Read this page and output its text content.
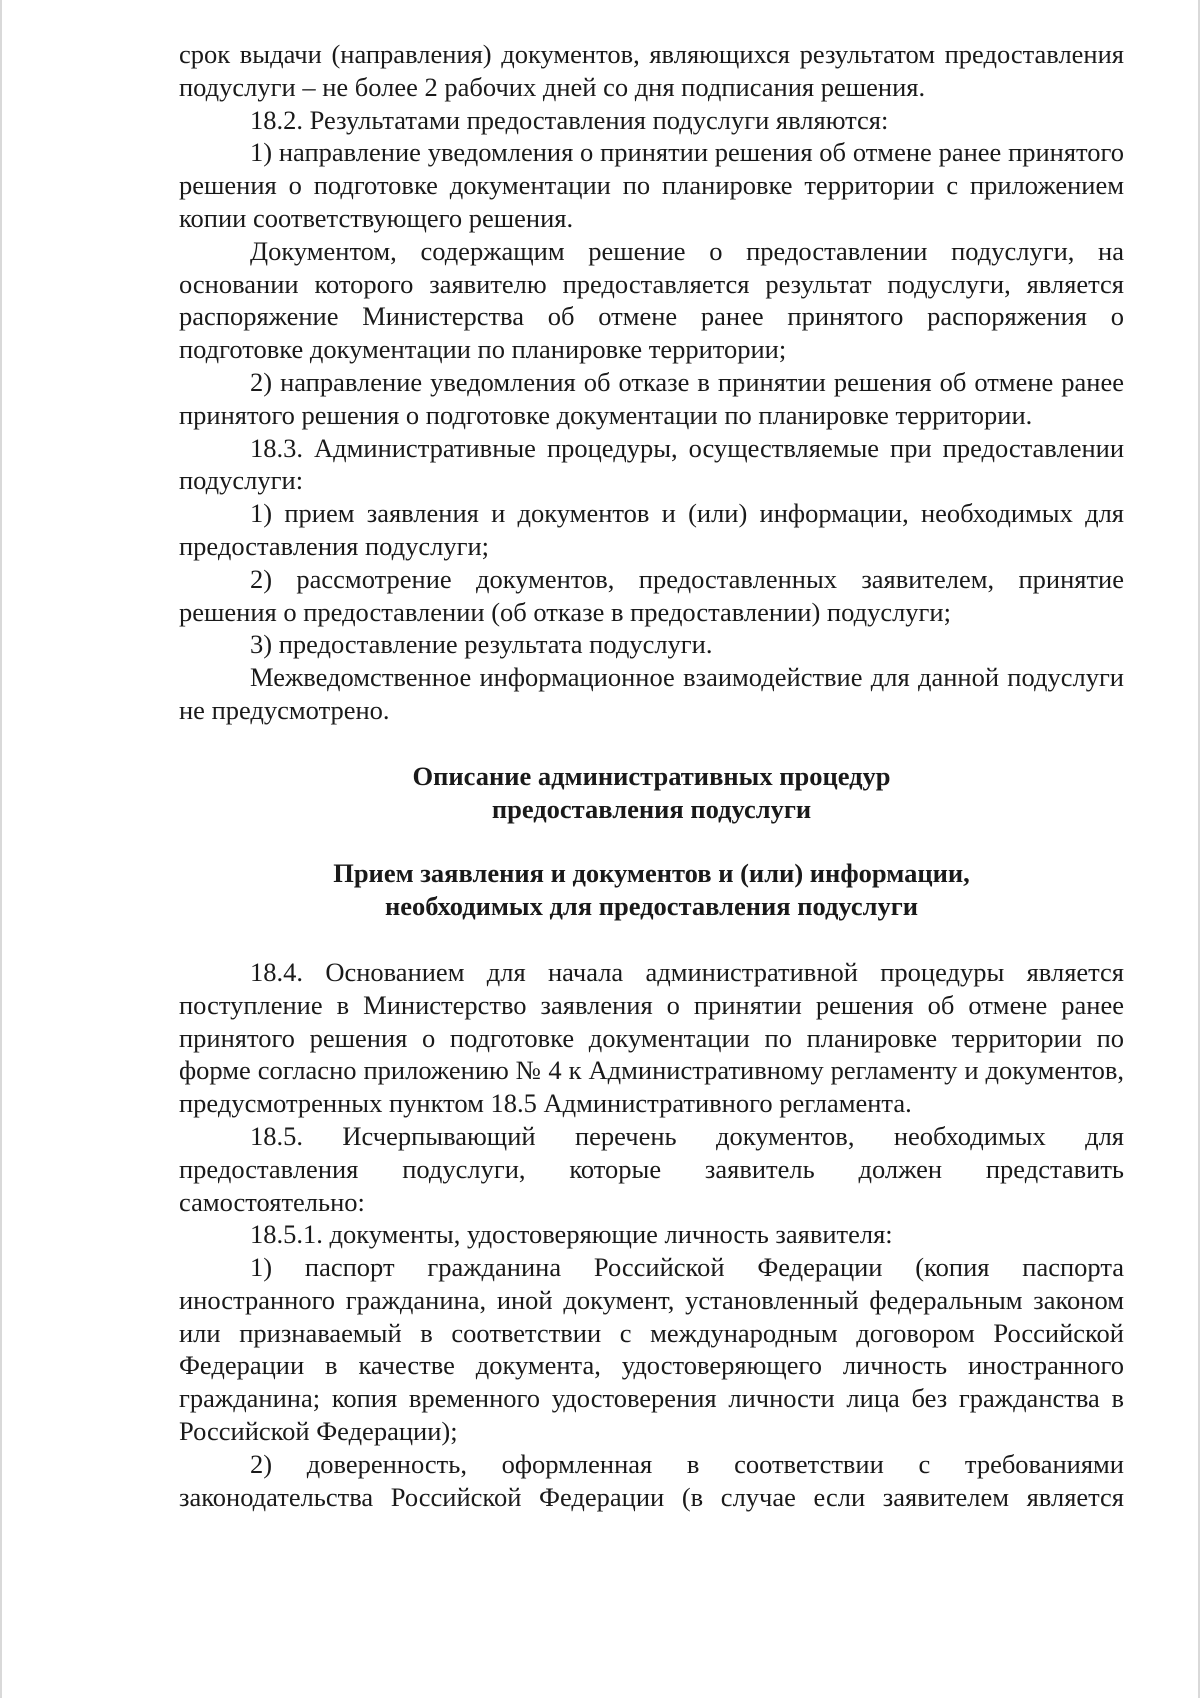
срок выдачи (направления) документов, являющихся результатом предоставления подуслуги – не более 2 рабочих дней со дня подписания решения.

18.2. Результатами предоставления подуслуги являются:

1) направление уведомления о принятии решения об отмене ранее принятого решения о подготовке документации по планировке территории с приложением копии соответствующего решения.

Документом, содержащим решение о предоставлении подуслуги, на основании которого заявителю предоставляется результат подуслуги, является распоряжение Министерства об отмене ранее принятого распоряжения о подготовке документации по планировке территории;

2) направление уведомления об отказе в принятии решения об отмене ранее принятого решения о подготовке документации по планировке территории.

18.3. Административные процедуры, осуществляемые при предоставлении подуслуги:

1) прием заявления и документов и (или) информации, необходимых для предоставления подуслуги;

2) рассмотрение документов, предоставленных заявителем, принятие решения о предоставлении (об отказе в предоставлении) подуслуги;

3) предоставление результата подуслуги.

Межведомственное информационное взаимодействие для данной подуслуги не предусмотрено.

Описание административных процедур
предоставления подуслуги
Прием заявления и документов и (или) информации,
необходимых для предоставления подуслуги

18.4. Основанием для начала административной процедуры является поступление в Министерство заявления о принятии решения об отмене ранее принятого решения о подготовке документации по планировке территории по форме согласно приложению № 4 к Административному регламенту и документов, предусмотренных пунктом 18.5 Административного регламента.

18.5. Исчерпывающий перечень документов, необходимых для предоставления подуслуги, которые заявитель должен представить самостоятельно:

18.5.1. документы, удостоверяющие личность заявителя:

1) паспорт гражданина Российской Федерации (копия паспорта иностранного гражданина, иной документ, установленный федеральным законом или признаваемый в соответствии с международным договором Российской Федерации в качестве документа, удостоверяющего личность иностранного гражданина; копия временного удостоверения личности лица без гражданства в Российской Федерации);

2) доверенность, оформленная в соответствии с требованиями законодательства Российской Федерации (в случае если заявителем является
